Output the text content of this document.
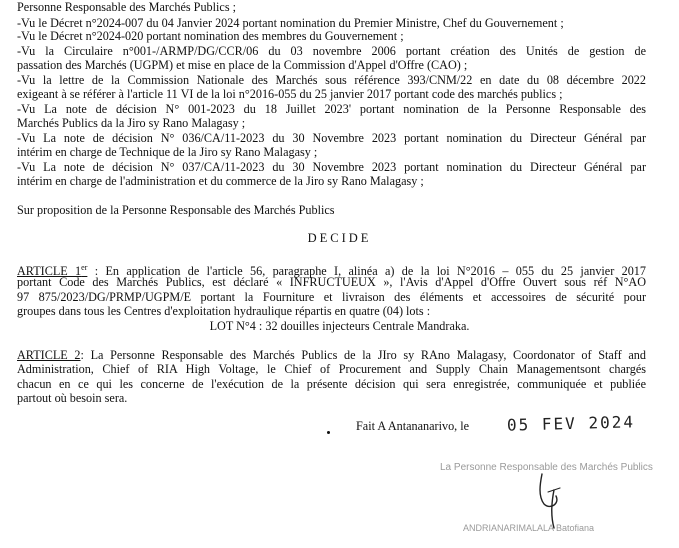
Personne Responsable des Marchés Publics ;
-Vu le Décret n°2024-007 du 04 Janvier 2024 portant nomination du Premier Ministre, Chef du Gouvernement ;
-Vu le Décret n°2024-020 portant nomination des membres du Gouvernement ;
-Vu la Circulaire n°001-/ARMP/DG/CCR/06 du 03 novembre 2006 portant création des Unités de gestion de
passation des Marchés (UGPM) et mise en place de la Commission d'Appel d'Offre (CAO) ;
-Vu la lettre de la Commission Nationale des Marchés sous référence 393/CNM/22 en date du 08 décembre 2022
exigeant à se référer à l'article 11 VI de la loi n°2016-055 du 25 janvier 2017 portant code des marchés publics ;
-Vu La note de décision N° 001-2023 du 18 Juillet 2023' portant nomination de la Personne Responsable des
Marchés Publics da la Jiro sy Rano Malagasy ;
-Vu La note de décision N° 036/CA/11-2023 du 30 Novembre 2023 portant nomination du Directeur Général par
intérim en charge de Technique de la Jiro sy Rano Malagasy ;
-Vu La note de décision N° 037/CA/11-2023 du 30 Novembre 2023 portant nomination du Directeur Général par
intérim en charge de l'administration et du commerce de la Jiro sy Rano Malagasy ;
Sur proposition de la Personne Responsable des Marchés Publics
DECIDE
ARTICLE 1er : En application de l'article 56, paragraphe I, alinéa a) de la loi N°2016 – 055 du 25 janvier 2017
portant Code des Marchés Publics, est déclaré « INFRUCTUEUX », l'Avis d'Appel d'Offre Ouvert sous réf N°AO
97 875/2023/DG/PRMP/UGPM/E portant la Fourniture et livraison des éléments et accessoires de sécurité pour
groupes dans tous les Centres d'exploitation hydraulique répartis en quatre (04) lots :
LOT N°4 : 32 douilles injecteurs Centrale Mandraka.
ARTICLE 2: La Personne Responsable des Marchés Publics de la JIro sy RAno Malagasy, Coordonator of Staff and
Administration, Chief of RIA High Voltage, le Chief of Procurement and Supply Chain Managementsont chargés
chacun en ce qui les concerne de l'exécution de la présente décision qui sera enregistrée, communiquée et publiée
partout où besoin sera.
Fait A Antananarivo, le 05 FEV 2024
La Personne Responsable des Marchés Publics
ANDRIANARIMALALA Batofiana
